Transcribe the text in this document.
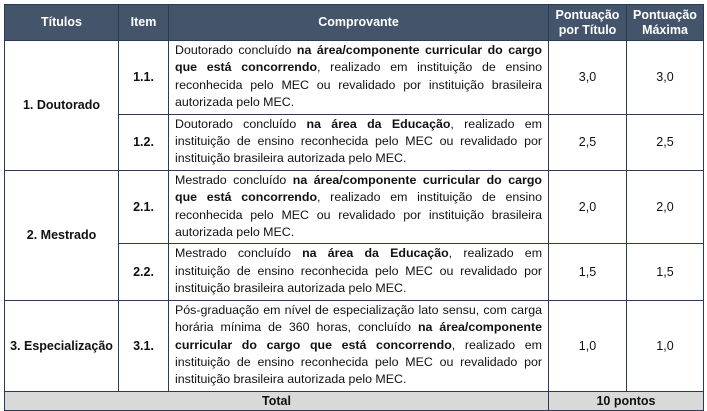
Títulos	Item	Comprovante	Pontuação por Título	Pontuação Máxima
1. Doutorado	1.1.	Doutorado concluído na área/componente curricular do cargo que está concorrendo, realizado em instituição de ensino reconhecida pelo MEC ou revalidado por instituição brasileira autorizada pelo MEC.	3,0	3,0
	1.2.	Doutorado concluído na área da Educação, realizado em instituição de ensino reconhecida pelo MEC ou revalidado por instituição brasileira autorizada pelo MEC.	2,5	2,5
2. Mestrado	2.1.	Mestrado concluído na área/componente curricular do cargo que está concorrendo, realizado em instituição de ensino reconhecida pelo MEC ou revalidado por instituição brasileira autorizada pelo MEC.	2,0	2,0
	2.2.	Mestrado concluído na área da Educação, realizado em instituição de ensino reconhecida pelo MEC ou revalidado por instituição brasileira autorizada pelo MEC.	1,5	1,5
3. Especialização	3.1.	Pós-graduação em nível de especialização lato sensu, com carga horária mínima de 360 horas, concluído na área/componente curricular do cargo que está concorrendo, realizado em instituição de ensino reconhecida pelo MEC ou revalidado por instituição brasileira autorizada pelo MEC.	1,0	1,0
Total			10 pontos	
